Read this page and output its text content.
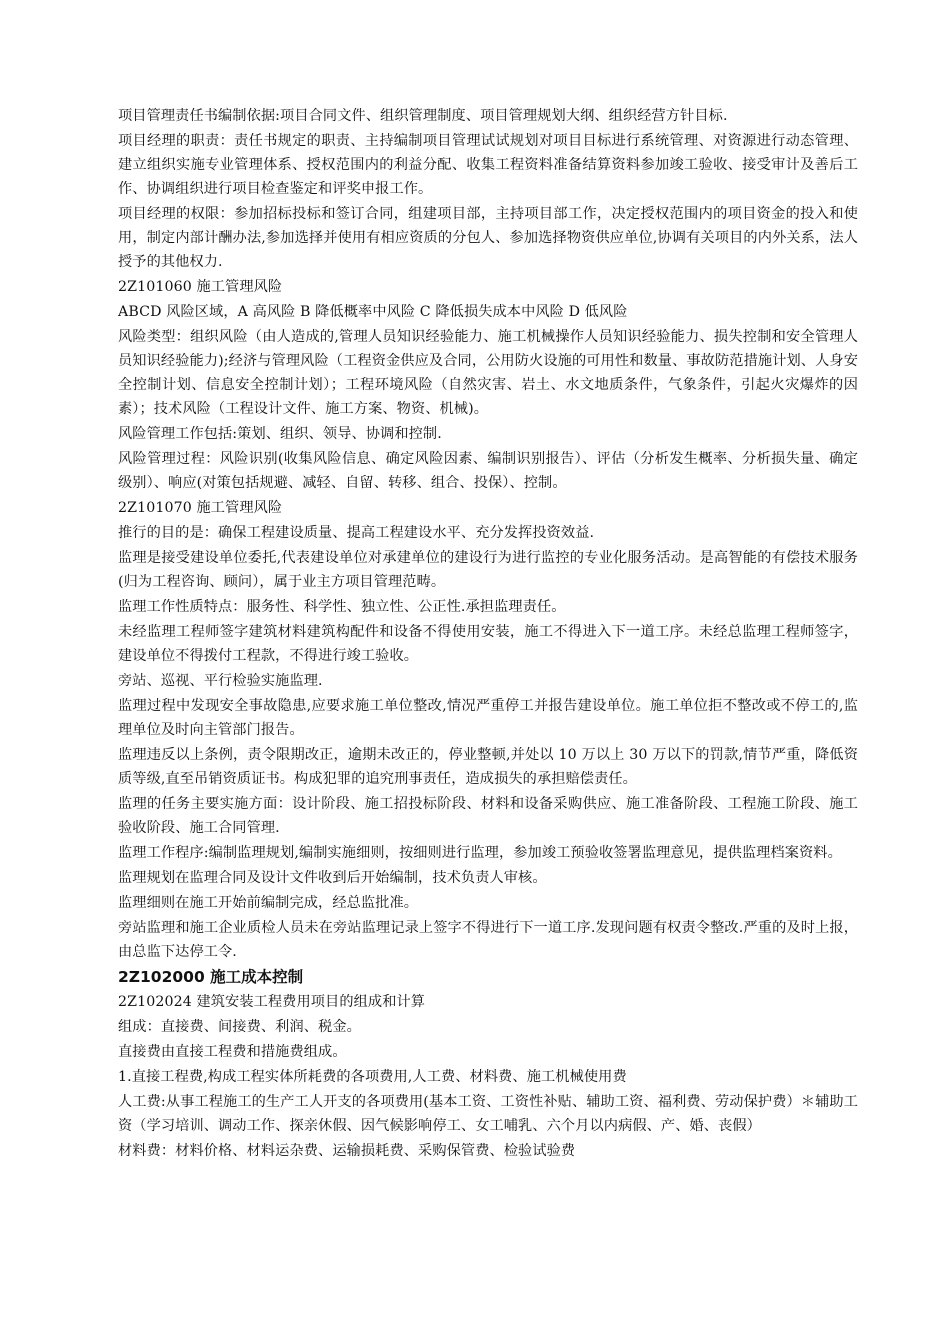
项目管理责任书编制依据:项目合同文件、组织管理制度、项目管理规划大纲、组织经营方针目标.

项目经理的职责：责任书规定的职责、主持编制项目管理试试规划对项目目标进行系统管理、对资源进行动态管理、建立组织实施专业管理体系、授权范围内的利益分配、收集工程资料准备结算资料参加竣工验收、接受审计及善后工作、协调组织进行项目检查鉴定和评奖申报工作。

项目经理的权限：参加招标投标和签订合同，组建项目部，主持项目部工作，决定授权范围内的项目资金的投入和使用，制定内部计酬办法,参加选择并使用有相应资质的分包人、参加选择物资供应单位,协调有关项目的内外关系，法人授予的其他权力.

2Z101060 施工管理风险

ABCD 风险区域，A 高风险 B 降低概率中风险 C 降低损失成本中风险 D 低风险

风险类型：组织风险（由人造成的,管理人员知识经验能力、施工机械操作人员知识经验能力、损失控制和安全管理人员知识经验能力);经济与管理风险（工程资金供应及合同，公用防火设施的可用性和数量、事故防范措施计划、人身安全控制计划、信息安全控制计划）；工程环境风险（自然灾害、岩土、水文地质条件，气象条件，引起火灾爆炸的因素）；技术风险（工程设计文件、施工方案、物资、机械)。

风险管理工作包括:策划、组织、领导、协调和控制.

风险管理过程：风险识别(收集风险信息、确定风险因素、编制识别报告）、评估（分析发生概率、分析损失量、确定级别）、响应(对策包括规避、减轻、自留、转移、组合、投保）、控制。

2Z101070 施工管理风险

推行的目的是：确保工程建设质量、提高工程建设水平、充分发挥投资效益.

监理是接受建设单位委托,代表建设单位对承建单位的建设行为进行监控的专业化服务活动。是高智能的有偿技术服务(归为工程咨询、顾问），属于业主方项目管理范畴。

监理工作性质特点：服务性、科学性、独立性、公正性.承担监理责任。

未经监理工程师签字建筑材料建筑构配件和设备不得使用安装，施工不得进入下一道工序。未经总监理工程师签字，建设单位不得拨付工程款，不得进行竣工验收。

旁站、巡视、平行检验实施监理.

监理过程中发现安全事故隐患,应要求施工单位整改,情况严重停工并报告建设单位。施工单位拒不整改或不停工的,监理单位及时向主管部门报告。

监理违反以上条例，责令限期改正，逾期未改正的，停业整顿,并处以 10 万以上 30 万以下的罚款,情节严重，降低资质等级,直至吊销资质证书。构成犯罪的追究刑事责任，造成损失的承担赔偿责任。

监理的任务主要实施方面：设计阶段、施工招投标阶段、材料和设备采购供应、施工准备阶段、工程施工阶段、施工验收阶段、施工合同管理.

监理工作程序:编制监理规划,编制实施细则，按细则进行监理，参加竣工预验收签署监理意见，提供监理档案资料。

监理规划在监理合同及设计文件收到后开始编制，技术负责人审核。

监理细则在施工开始前编制完成，经总监批准。

旁站监理和施工企业质检人员未在旁站监理记录上签字不得进行下一道工序.发现问题有权责令整改.严重的及时上报，由总监下达停工令.

2Z102000 施工成本控制

2Z102024 建筑安装工程费用项目的组成和计算

组成：直接费、间接费、利润、税金。

直接费由直接工程费和措施费组成。

1.直接工程费,构成工程实体所耗费的各项费用,人工费、材料费、施工机械使用费

人工费:从事工程施工的生产工人开支的各项费用(基本工资、工资性补贴、辅助工资、福利费、劳动保护费）＊辅助工资（学习培训、调动工作、探亲休假、因气候影响停工、女工哺乳、六个月以内病假、产、婚、丧假）

材料费：材料价格、材料运杂费、运输损耗费、采购保管费、检验试验费
